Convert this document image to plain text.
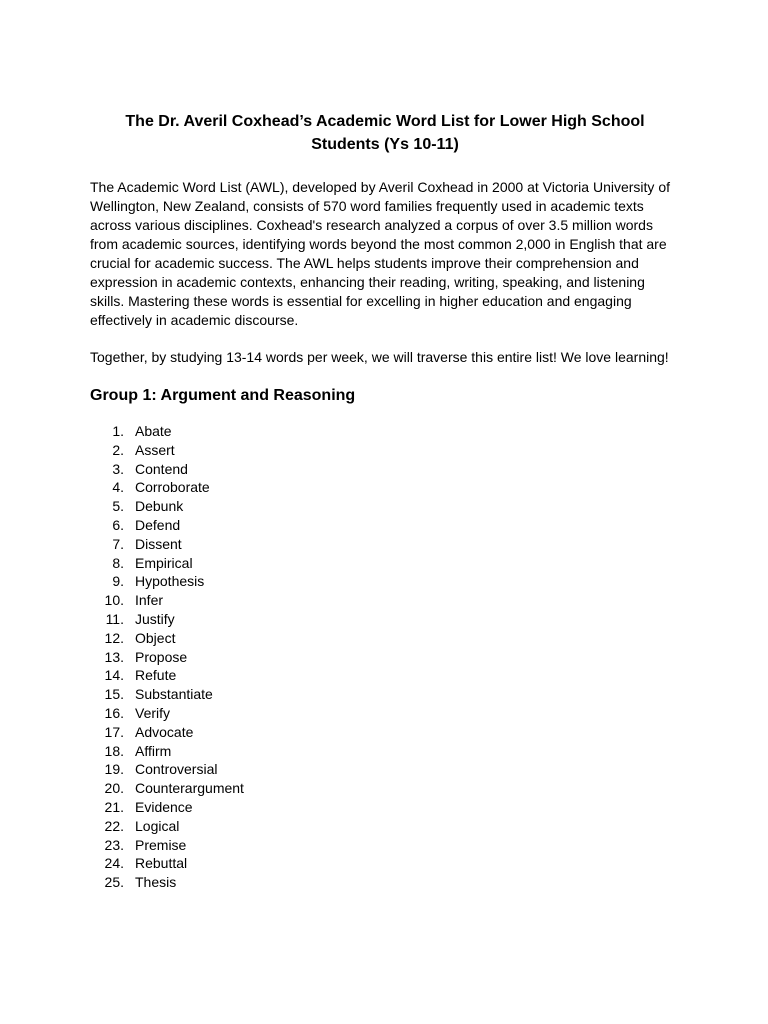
The Dr. Averil Coxhead’s Academic Word List for Lower High School Students (Ys 10-11)

The Academic Word List (AWL), developed by Averil Coxhead in 2000 at Victoria University of Wellington, New Zealand, consists of 570 word families frequently used in academic texts across various disciplines. Coxhead's research analyzed a corpus of over 3.5 million words from academic sources, identifying words beyond the most common 2,000 in English that are crucial for academic success. The AWL helps students improve their comprehension and expression in academic contexts, enhancing their reading, writing, speaking, and listening skills. Mastering these words is essential for excelling in higher education and engaging effectively in academic discourse.

Together, by studying 13-14 words per week, we will traverse this entire list! We love learning!

Group 1: Argument and Reasoning
1. Abate
2. Assert
3. Contend
4. Corroborate
5. Debunk
6. Defend
7. Dissent
8. Empirical
9. Hypothesis
10. Infer
11. Justify
12. Object
13. Propose
14. Refute
15. Substantiate
16. Verify
17. Advocate
18. Affirm
19. Controversial
20. Counterargument
21. Evidence
22. Logical
23. Premise
24. Rebuttal
25. Thesis
